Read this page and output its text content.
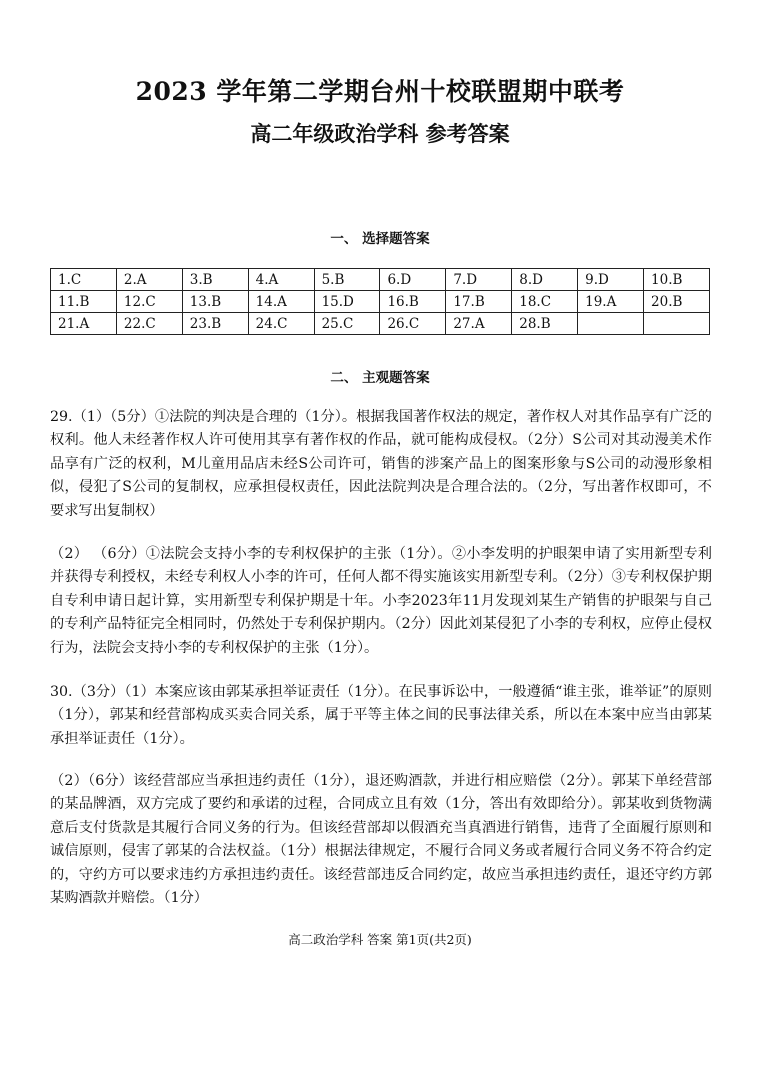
2023 学年第二学期台州十校联盟期中联考
高二年级政治学科 参考答案
一、 选择题答案
1.C	2.A	3.B	4.A	5.B	6.D	7.D	8.D	9.D	10.B
11.B	12.C	13.B	14.A	15.D	16.B	17.B	18.C	19.A	20.B
21.A	22.C	23.B	24.C	25.C	26.C	27.A	28.B		
二、 主观题答案

29.（1）（5分）①法院的判决是合理的（1分）。根据我国著作权法的规定，著作权人对其作品享有广泛的权利。他人未经著作权人许可使用其享有著作权的作品，就可能构成侵权。（2分）S公司对其动漫美术作品享有广泛的权利，M儿童用品店未经S公司许可，销售的涉案产品上的图案形象与S公司的动漫形象相似，侵犯了S公司的复制权，应承担侵权责任，因此法院判决是合理合法的。（2分，写出著作权即可，不要求写出复制权）

（2） （6分）①法院会支持小李的专利权保护的主张（1分）。②小李发明的护眼架申请了实用新型专利并获得专利授权，未经专利权人小李的许可，任何人都不得实施该实用新型专利。（2分）③专利权保护期自专利申请日起计算，实用新型专利保护期是十年。小李2023年11月发现刘某生产销售的护眼架与自己的专利产品特征完全相同时，仍然处于专利保护期内。（2分）因此刘某侵犯了小李的专利权，应停止侵权行为，法院会支持小李的专利权保护的主张（1分）。

30.（3分）（1）本案应该由郭某承担举证责任（1分）。在民事诉讼中，一般遵循“谁主张，谁举证”的原则（1分），郭某和经营部构成买卖合同关系，属于平等主体之间的民事法律关系，所以在本案中应当由郭某承担举证责任（1分）。

（2）（6分）该经营部应当承担违约责任（1分），退还购酒款，并进行相应赔偿（2分）。郭某下单经营部的某品牌酒，双方完成了要约和承诺的过程，合同成立且有效（1分，答出有效即给分）。郭某收到货物满意后支付货款是其履行合同义务的行为。但该经营部却以假酒充当真酒进行销售，违背了全面履行原则和诚信原则，侵害了郭某的合法权益。（1分）根据法律规定，不履行合同义务或者履行合同义务不符合约定的，守约方可以要求违约方承担违约责任。该经营部违反合同约定，故应当承担违约责任，退还守约方郭某购酒款并赔偿。（1分）

高二政治学科 答案 第1页(共2页)
